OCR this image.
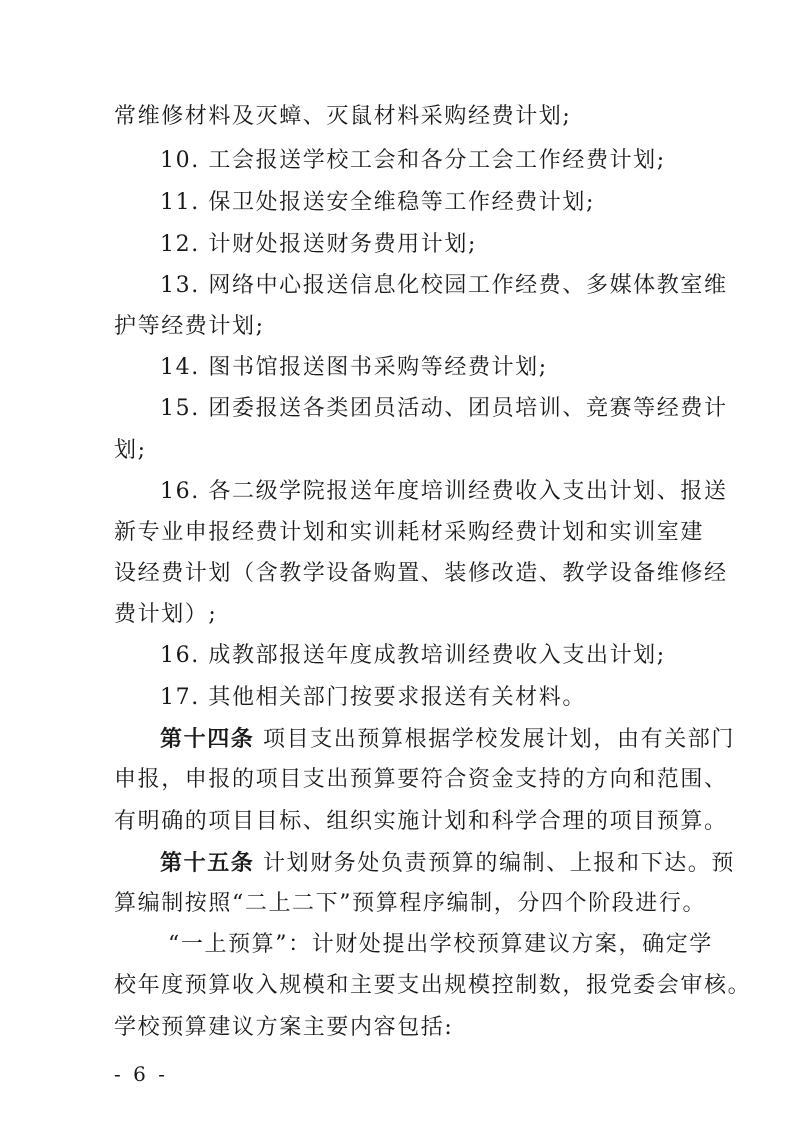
常维修材料及灭蟑、灭鼠材料采购经费计划;
10. 工会报送学校工会和各分工会工作经费计划;
11. 保卫处报送安全维稳等工作经费计划;
12. 计财处报送财务费用计划;
13. 网络中心报送信息化校园工作经费、多媒体教室维
护等经费计划;
14. 图书馆报送图书采购等经费计划;
15. 团委报送各类团员活动、团员培训、竞赛等经费计
划;
16. 各二级学院报送年度培训经费收入支出计划、报送
新专业申报经费计划和实训耗材采购经费计划和实训室建
设经费计划（含教学设备购置、装修改造、教学设备维修经
费计划）;
16. 成教部报送年度成教培训经费收入支出计划;
17. 其他相关部门按要求报送有关材料。
第十四条 项目支出预算根据学校发展计划，由有关部门
申报，申报的项目支出预算要符合资金支持的方向和范围、
有明确的项目目标、组织实施计划和科学合理的项目预算。
第十五条 计划财务处负责预算的编制、上报和下达。预
算编制按照“二上二下”预算程序编制，分四个阶段进行。
“一上预算”：计财处提出学校预算建议方案，确定学
校年度预算收入规模和主要支出规模控制数，报党委会审核。
学校预算建议方案主要内容包括:
- 6 -
